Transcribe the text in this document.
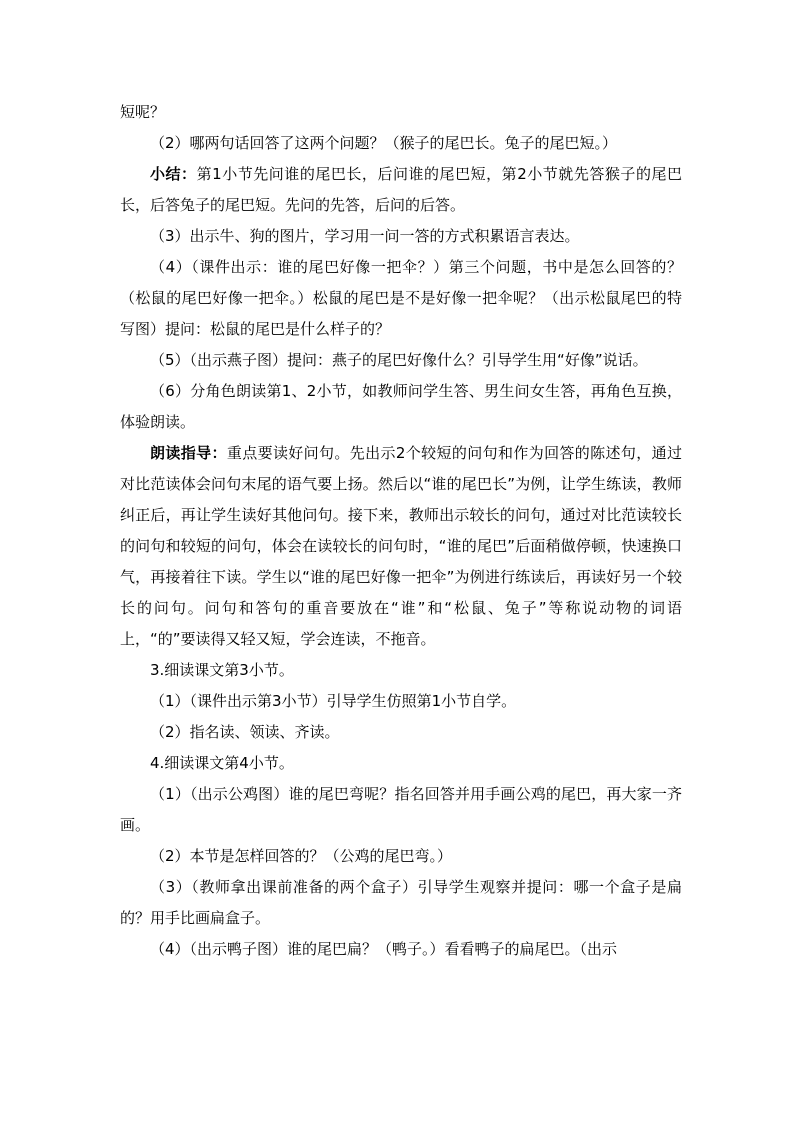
短呢？

（2）哪两句话回答了这两个问题？（猴子的尾巴长。兔子的尾巴短。）

小结：第1小节先问谁的尾巴长，后问谁的尾巴短，第2小节就先答猴子的尾巴长，后答兔子的尾巴短。先问的先答，后问的后答。

（3）出示牛、狗的图片，学习用一问一答的方式积累语言表达。

（4）（课件出示：谁的尾巴好像一把伞？）第三个问题，书中是怎么回答的？（松鼠的尾巴好像一把伞。）松鼠的尾巴是不是好像一把伞呢？（出示松鼠尾巴的特写图）提问：松鼠的尾巴是什么样子的？

（5）（出示燕子图）提问：燕子的尾巴好像什么？引导学生用“好像”说话。

（6）分角色朗读第1、2小节，如教师问学生答、男生问女生答，再角色互换，体验朗读。

朗读指导：重点要读好问句。先出示2个较短的问句和作为回答的陈述句，通过对比范读体会问句末尾的语气要上扬。然后以“谁的尾巴长”为例，让学生练读，教师纠正后，再让学生读好其他问句。接下来，教师出示较长的问句，通过对比范读较长的问句和较短的问句，体会在读较长的问句时，“谁的尾巴”后面稍做停顿，快速换口气，再接着往下读。学生以“谁的尾巴好像一把伞”为例进行练读后，再读好另一个较长的问句。问句和答句的重音要放在“谁”和“松鼠、兔子”等称说动物的词语上，“的”要读得又轻又短，学会连读，不拖音。

3.细读课文第3小节。

（1）（课件出示第3小节）引导学生仿照第1小节自学。

（2）指名读、领读、齐读。

4.细读课文第4小节。

（1）（出示公鸡图）谁的尾巴弯呢？指名回答并用手画公鸡的尾巴，再大家一齐画。

（2）本节是怎样回答的？（公鸡的尾巴弯。）

（3）（教师拿出课前准备的两个盒子）引导学生观察并提问：哪一个盒子是扁的？用手比画扁盒子。

（4）（出示鸭子图）谁的尾巴扁？（鸭子。）看看鸭子的扁尾巴。（出示
